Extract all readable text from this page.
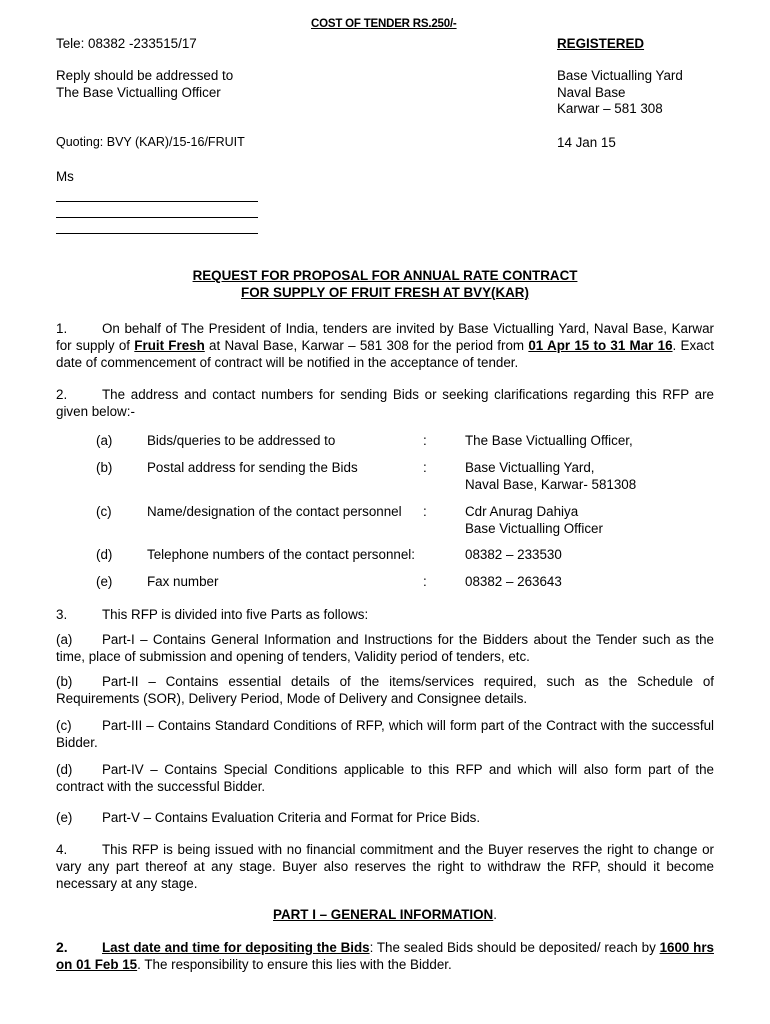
COST OF TENDER RS.250/-
Tele: 08382 -233515/17	REGISTERED
Reply should be addressed to
The Base Victualling Officer
Base Victualling Yard
Naval Base
Karwar – 581 308
Quoting: BVY (KAR)/15-16/FRUIT	14 Jan 15
Ms
REQUEST FOR PROPOSAL FOR ANNUAL RATE CONTRACT
FOR SUPPLY OF FRUIT FRESH AT BVY(KAR)
1.	On behalf of The President of India, tenders are invited by Base Victualling Yard, Naval Base, Karwar for supply of Fruit Fresh at Naval Base, Karwar – 581 308 for the period from 01 Apr 15 to 31 Mar 16. Exact date of commencement of contract will be notified in the acceptance of tender.
2.	The address and contact numbers for sending Bids or seeking clarifications regarding this RFP are given below:-
(a)	Bids/queries to be addressed to	:	The Base Victualling Officer,
(b)	Postal address for sending the Bids	:	Base Victualling Yard,
Naval Base, Karwar- 581308

(c)	Name/designation of the contact personnel	:	Cdr Anurag Dahiya
Base Victualling Officer

(d)	Telephone numbers of the contact personnel:		08382 – 233530
(e)	Fax number	:	08382 – 263643
3.	This RFP is divided into five Parts as follows:
(a) Part-I – Contains General Information and Instructions for the Bidders about the Tender such as the time, place of submission and opening of tenders, Validity period of tenders, etc.
(b) Part-II – Contains essential details of the items/services required, such as the Schedule of Requirements (SOR), Delivery Period, Mode of Delivery and Consignee details.
(c) Part-III – Contains Standard Conditions of RFP, which will form part of the Contract with the successful Bidder.
(d) Part-IV – Contains Special Conditions applicable to this RFP and which will also form part of the contract with the successful Bidder.
(e) Part-V – Contains Evaluation Criteria and Format for Price Bids.
4.	This RFP is being issued with no financial commitment and the Buyer reserves the right to change or vary any part thereof at any stage. Buyer also reserves the right to withdraw the RFP, should it become necessary at any stage.
PART I – GENERAL INFORMATION.
2.	Last date and time for depositing the Bids: The sealed Bids should be deposited/ reach by 1600 hrs on 01 Feb 15. The responsibility to ensure this lies with the Bidder.
